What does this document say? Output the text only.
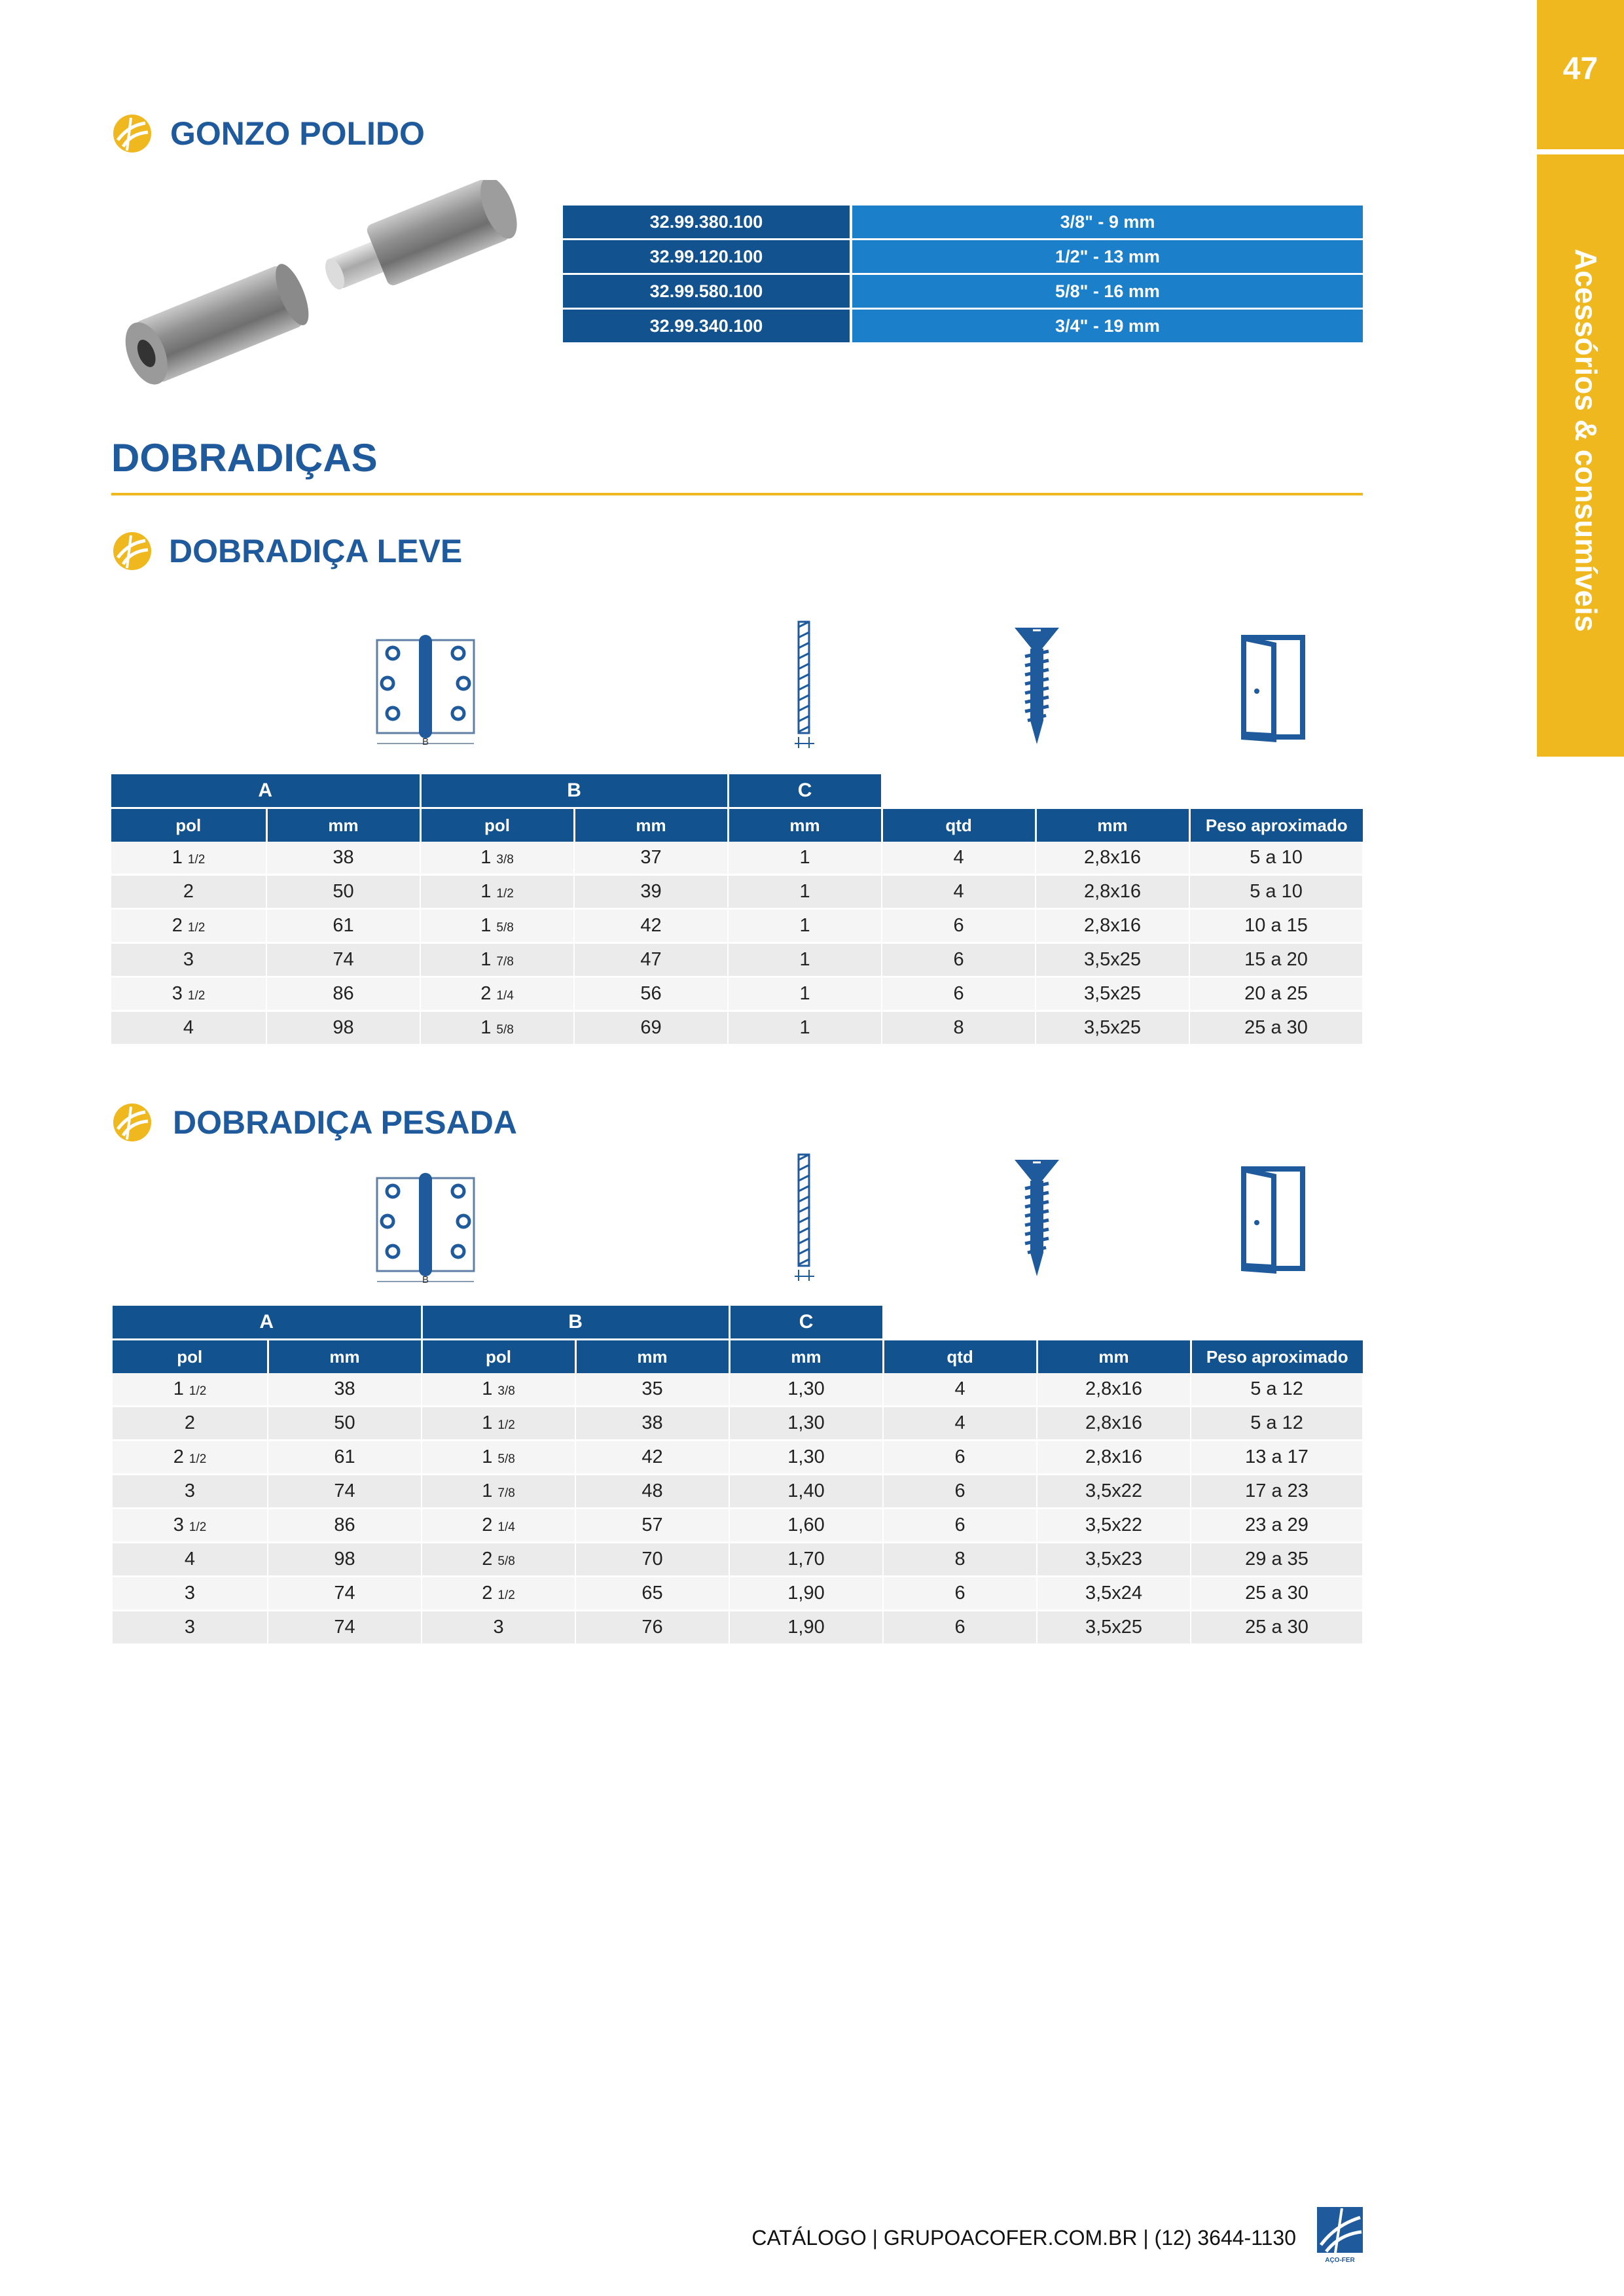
47
Acessórios & consumíveis
GONZO POLIDO
32.99.380.100	3/8" - 9 mm
32.99.120.100	1/2" - 13 mm
32.99.580.100	5/8" - 16 mm
32.99.340.100	3/4" - 19 mm
DOBRADIÇAS
DOBRADIÇA LEVE
B
A		B		C			
pol	mm	pol	mm	mm	qtd	mm	Peso aproximado
1 1/2	38	1 3/8	37	1	4	2,8x16	5 a 10
2	50	1 1/2	39	1	4	2,8x16	5 a 10
2 1/2	61	1 5/8	42	1	6	2,8x16	10 a 15
3	74	1 7/8	47	1	6	3,5x25	15 a 20
3 1/2	86	2 1/4	56	1	6	3,5x25	20 a 25
4	98	1 5/8	69	1	8	3,5x25	25 a 30
DOBRADIÇA PESADA
B
A		B		C			
pol	mm	pol	mm	mm	qtd	mm	Peso aproximado
1 1/2	38	1 3/8	35	1,30	4	2,8x16	5 a 12
2	50	1 1/2	38	1,30	4	2,8x16	5 a 12
2 1/2	61	1 5/8	42	1,30	6	2,8x16	13 a 17
3	74	1 7/8	48	1,40	6	3,5x22	17 a 23
3 1/2	86	2 1/4	57	1,60	6	3,5x22	23 a 29
4	98	2 5/8	70	1,70	8	3,5x23	29 a 35
3	74	2 1/2	65	1,90	6	3,5x24	25 a 30
3	74	3	76	1,90	6	3,5x25	25 a 30
CATÁLOGO | GRUPOACOFER.COM.BR | (12) 3644-1130
AÇO-FER
